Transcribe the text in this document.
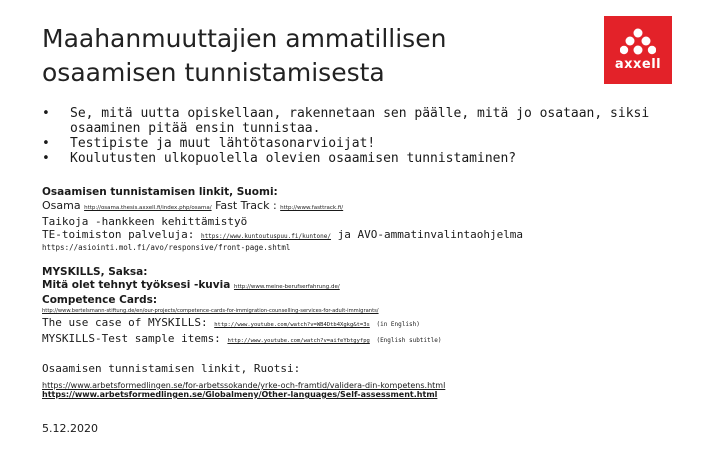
Maahanmuuttajien ammatillisen osaamisen tunnistamisesta	axxell
• Se, mitä uutta opiskellaan, rakennetaan sen päälle, mitä jo osataan, siksi osaaminen pitää ensin tunnistaa.
• Testipiste ja muut lähtötasonarvioijat!
• Koulutusten ulkopuolella olevien osaamisen tunnistaminen?
Osaamisen tunnistamisen linkit, Suomi:
Osama http://osama.thesis.axxell.fi/index.php/osama/ Fast Track : http://www.fasttrack.fi/
Taikoja -hankkeen kehittämistyö
TE-toimiston palveluja: https://www.kuntoutuspuu.fi/kuntone/ ja AVO-ammatinvalintaohjelma
https://asiointi.mol.fi/avo/responsive/front-page.shtml
MYSKILLS, Saksa:
Mitä olet tehnyt työksesi -kuvia http://www.meine-berufserfahrung.de/
Competence Cards:
http://www.bertelsmann-stiftung.de/en/our-projects/competence-cards-for-immigration-counselling-services-for-adult-immigrants/
The use case of MYSKILLS: http://www.youtube.com/watch?v=WB4Dtb4Xgkg&t=3s (in English)
MYSKILLS-Test sample items: http://www.youtube.com/watch?v=aifeYbtgyfpg (English subtitle)
Osaamisen tunnistamisen linkit, Ruotsi:
https://www.arbetsformedlingen.se/for-arbetssokande/yrke-och-framtid/validera-din-kompetens.html
https://www.arbetsformedlingen.se/Globalmeny/Other-languages/Self-assessment.html
5.12.2020
